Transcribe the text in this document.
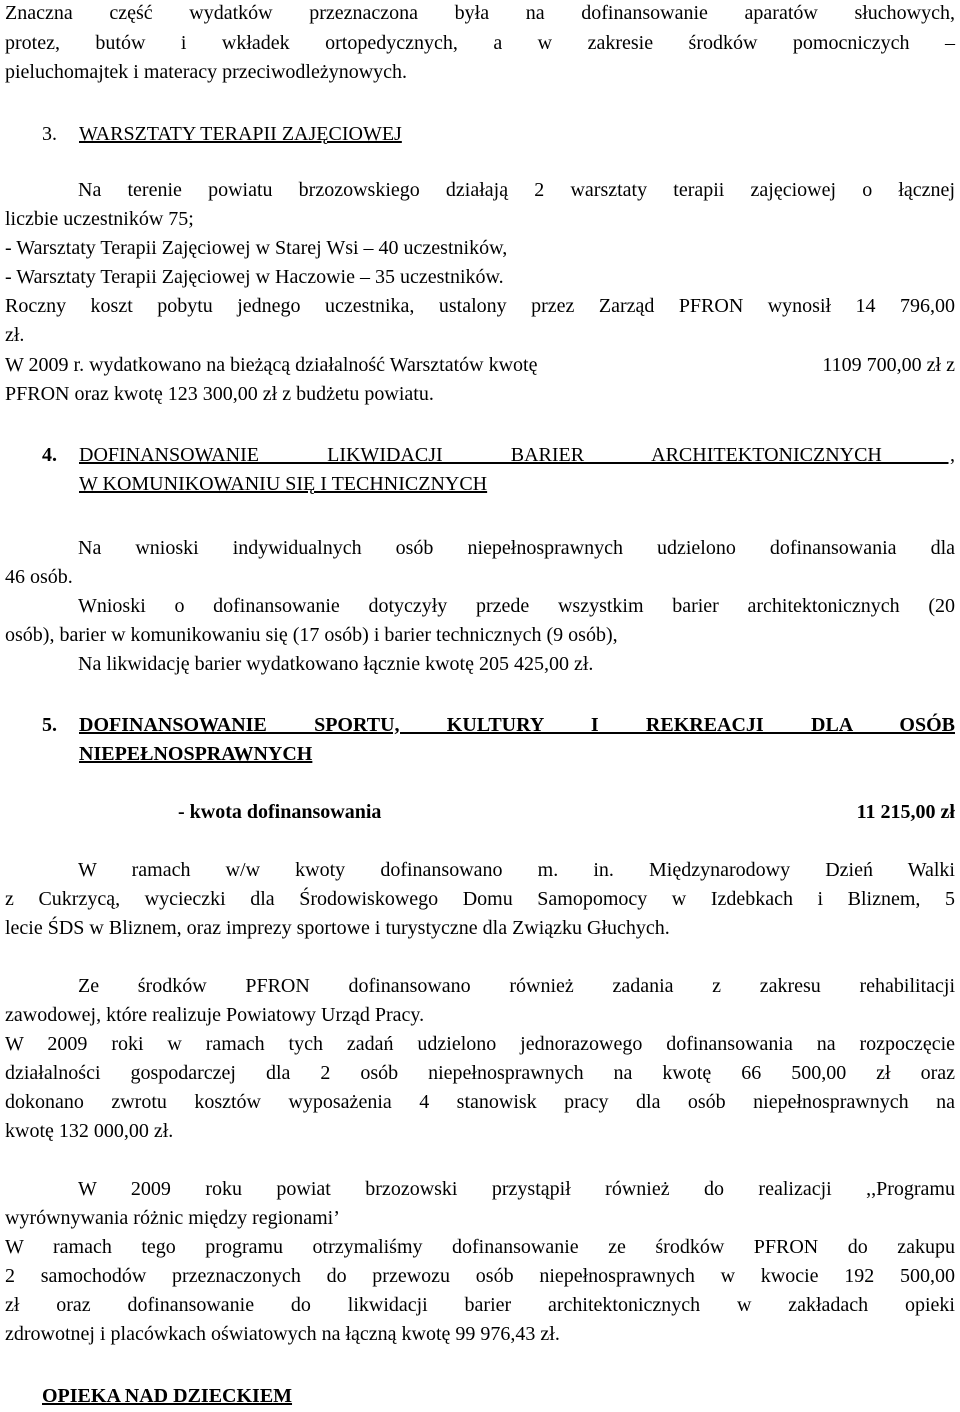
Znaczna część wydatków przeznaczona była na dofinansowanie aparatów słuchowych,
protez, butów i wkładek ortopedycznych, a w zakresie środków pomocniczych –
pieluchomajtek i materacy przeciwodleżynowych.
3. WARSZTATY TERAPII ZAJĘCIOWEJ
Na terenie powiatu brzozowskiego działają 2 warsztaty terapii zajęciowej o łącznej
liczbie uczestników 75;
- Warsztaty Terapii Zajęciowej w Starej Wsi – 40 uczestników,
- Warsztaty Terapii Zajęciowej w Haczowie – 35 uczestników.
Roczny koszt pobytu jednego uczestnika, ustalony przez Zarząd PFRON wynosił 14 796,00
zł.
W 2009 r. wydatkowano na bieżącą działalność Warsztatów kwotę	1109 700,00 zł z
PFRON oraz kwotę 123 300,00 zł z budżetu powiatu.
4. DOFINANSOWANIE LIKWIDACJI BARIER ARCHITEKTONICZNYCH ,
W KOMUNIKOWANIU SIĘ I TECHNICZNYCH
Na wnioski indywidualnych osób niepełnosprawnych udzielono dofinansowania dla
46 osób.
Wnioski o dofinansowanie dotyczyły przede wszystkim barier architektonicznych (20
osób), barier w komunikowaniu się (17 osób) i barier technicznych (9 osób),
Na likwidację barier wydatkowano łącznie kwotę 205 425,00 zł.
5. DOFINANSOWANIE SPORTU, KULTURY I REKREACJI DLA OSÓB
NIEPEŁNOSPRAWNYCH
- kwota dofinansowania	11 215,00 zł
W ramach w/w kwoty dofinansowano m. in. Międzynarodowy Dzień Walki
z Cukrzycą, wycieczki dla Środowiskowego Domu Samopomocy w Izdebkach i Bliznem, 5
lecie ŚDS w Bliznem, oraz imprezy sportowe i turystyczne dla Związku Głuchych.
Ze środków PFRON dofinansowano również zadania z zakresu rehabilitacji
zawodowej, które realizuje Powiatowy Urząd Pracy.
W 2009 roki w ramach tych zadań udzielono jednorazowego dofinansowania na rozpoczęcie
działalności gospodarczej dla 2 osób niepełnosprawnych na kwotę 66 500,00 zł oraz
dokonano zwrotu kosztów wyposażenia 4 stanowisk pracy dla osób niepełnosprawnych na
kwotę 132 000,00 zł.
W 2009 roku powiat brzozowski przystąpił również do realizacji ,,Programu
wyrównywania różnic między regionami’
W ramach tego programu otrzymaliśmy dofinansowanie ze środków PFRON do zakupu
2 samochodów przeznaczonych do przewozu osób niepełnosprawnych w kwocie 192 500,00
zł oraz dofinansowanie do likwidacji barier architektonicznych w zakładach opieki
zdrowotnej i placówkach oświatowych na łączną kwotę 99 976,43 zł.
OPIEKA NAD DZIECKIEM
